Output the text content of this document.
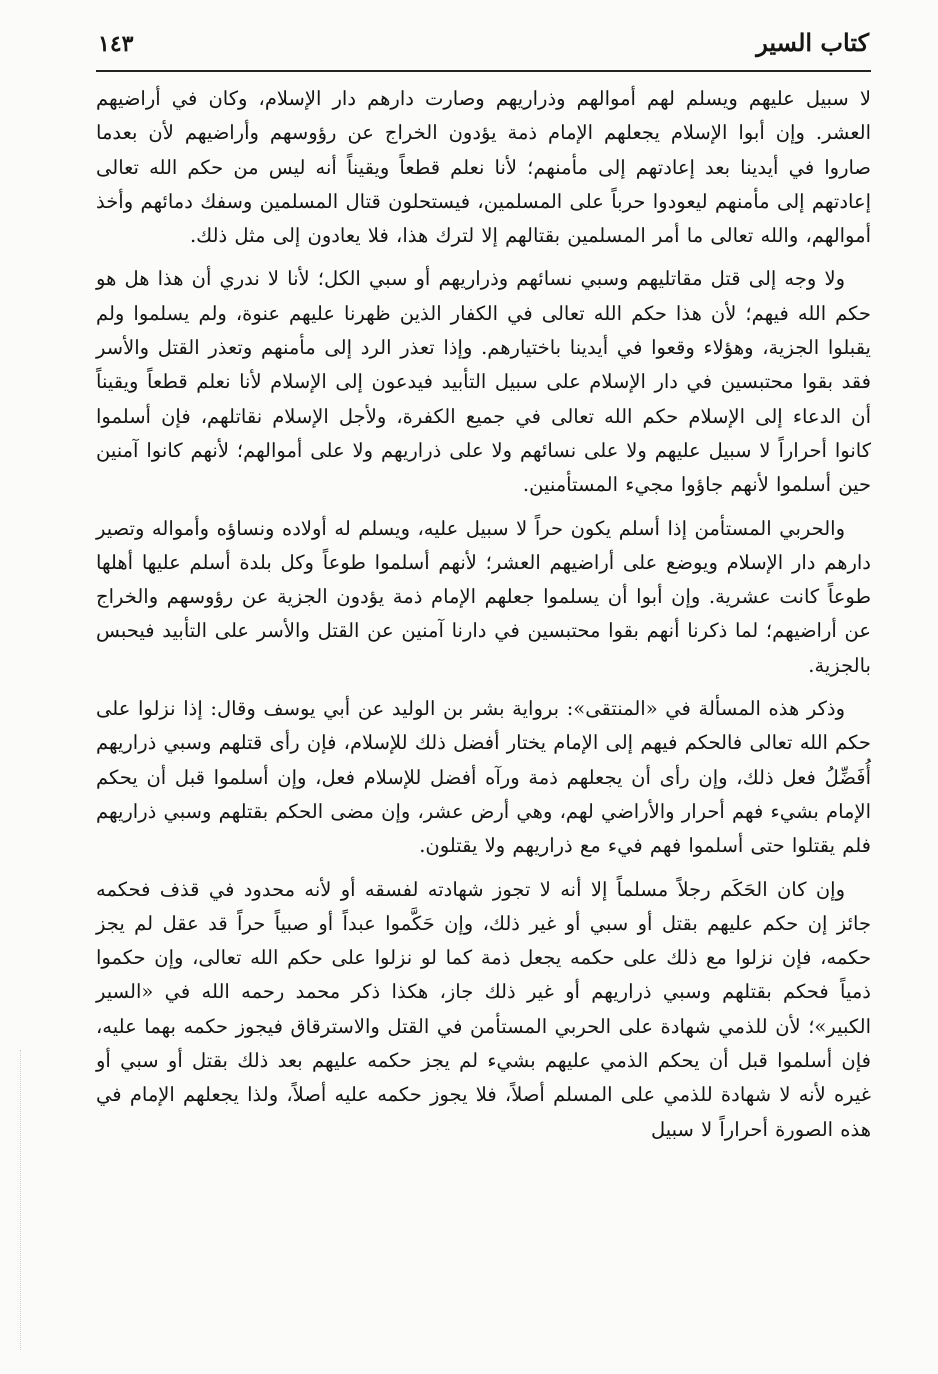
كتاب السير
١٤٣

لا سبيل عليهم ويسلم لهم أموالهم وذراريهم وصارت دارهم دار الإسلام، وكان في أراضيهم العشر. وإن أبوا الإسلام يجعلهم الإمام ذمة يؤدون الخراج عن رؤوسهم وأراضيهم لأن بعدما صاروا في أيدينا بعد إعادتهم إلى مأمنهم؛ لأنا نعلم قطعاً ويقيناً أنه ليس من حكم الله تعالى إعادتهم إلى مأمنهم ليعودوا حرباً على المسلمين، فيستحلون قتال المسلمين وسفك دمائهم وأخذ أموالهم، والله تعالى ما أمر المسلمين بقتالهم إلا لترك هذا، فلا يعادون إلى مثل ذلك.

ولا وجه إلى قتل مقاتليهم وسبي نسائهم وذراريهم أو سبي الكل؛ لأنا لا ندري أن هذا هل هو حكم الله فيهم؛ لأن هذا حكم الله تعالى في الكفار الذين ظهرنا عليهم عنوة، ولم يسلموا ولم يقبلوا الجزية، وهؤلاء وقعوا في أيدينا باختيارهم. وإذا تعذر الرد إلى مأمنهم وتعذر القتل والأسر فقد بقوا محتبسين في دار الإسلام على سبيل التأبيد فيدعون إلى الإسلام لأنا نعلم قطعاً ويقيناً أن الدعاء إلى الإسلام حكم الله تعالى في جميع الكفرة، ولأجل الإسلام نقاتلهم، فإن أسلموا كانوا أحراراً لا سبيل عليهم ولا على نسائهم ولا على ذراريهم ولا على أموالهم؛ لأنهم كانوا آمنين حين أسلموا لأنهم جاؤوا مجيء المستأمنين.

والحربي المستأمن إذا أسلم يكون حراً لا سبيل عليه، ويسلم له أولاده ونساؤه وأمواله وتصير دارهم دار الإسلام ويوضع على أراضيهم العشر؛ لأنهم أسلموا طوعاً وكل بلدة أسلم عليها أهلها طوعاً كانت عشرية. وإن أبوا أن يسلموا جعلهم الإمام ذمة يؤدون الجزية عن رؤوسهم والخراج عن أراضيهم؛ لما ذكرنا أنهم بقوا محتبسين في دارنا آمنين عن القتل والأسر على التأبيد فيحبس بالجزية.

وذكر هذه المسألة في «المنتقى»: برواية بشر بن الوليد عن أبي يوسف وقال: إذا نزلوا على حكم الله تعالى فالحكم فيهم إلى الإمام يختار أفضل ذلك للإسلام، فإن رأى قتلهم وسبي ذراريهم أُفَضِّلُ فعل ذلك، وإن رأى أن يجعلهم ذمة ورآه أفضل للإسلام فعل، وإن أسلموا قبل أن يحكم الإمام بشيء فهم أحرار والأراضي لهم، وهي أرض عشر، وإن مضى الحكم بقتلهم وسبي ذراريهم فلم يقتلوا حتى أسلموا فهم فيء مع ذراريهم ولا يقتلون.

وإن كان الحَكَم رجلاً مسلماً إلا أنه لا تجوز شهادته لفسقه أو لأنه محدود في قذف فحكمه جائز إن حكم عليهم بقتل أو سبي أو غير ذلك، وإن حَكَّموا عبداً أو صبياً حراً قد عقل لم يجز حكمه، فإن نزلوا مع ذلك على حكمه يجعل ذمة كما لو نزلوا على حكم الله تعالى، وإن حكموا ذمياً فحكم بقتلهم وسبي ذراريهم أو غير ذلك جاز، هكذا ذكر محمد رحمه الله في «السير الكبير»؛ لأن للذمي شهادة على الحربي المستأمن في القتل والاسترقاق فيجوز حكمه بهما عليه، فإن أسلموا قبل أن يحكم الذمي عليهم بشيء لم يجز حكمه عليهم بعد ذلك بقتل أو سبي أو غيره لأنه لا شهادة للذمي على المسلم أصلاً، فلا يجوز حكمه عليه أصلاً، ولذا يجعلهم الإمام في هذه الصورة أحراراً لا سبيل
